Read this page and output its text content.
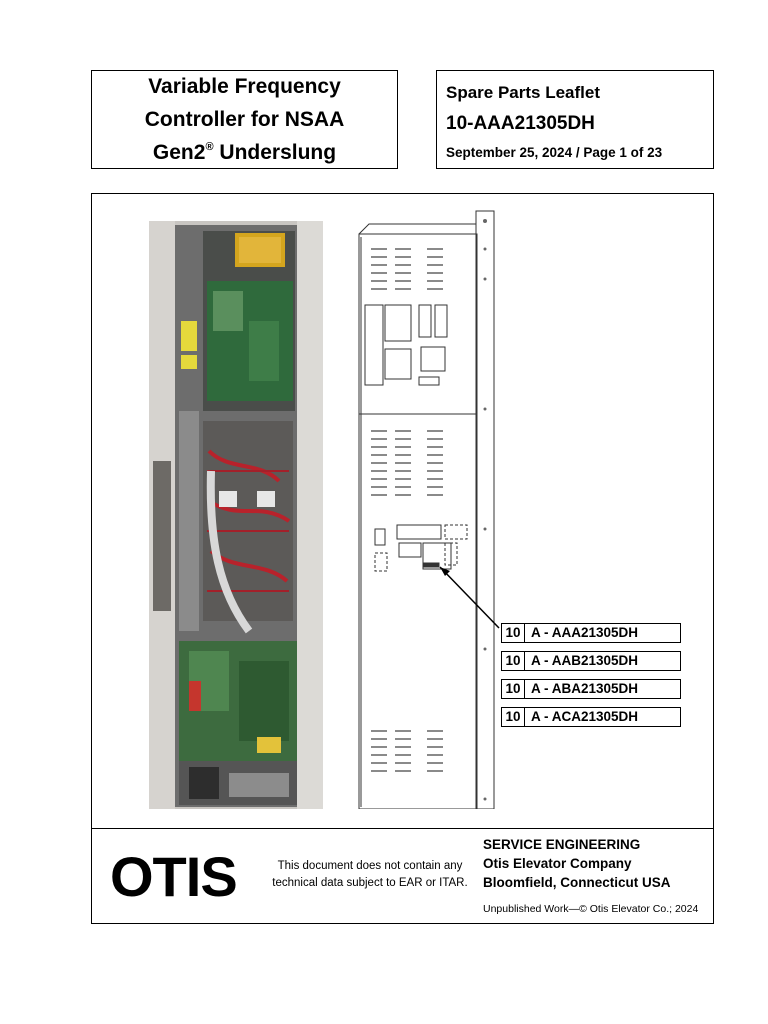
Variable Frequency
Controller for NSAA
Gen2® Underslung
Spare Parts Leaflet
10-AAA21305DH
September 25, 2024 / Page 1 of 23
10 A - AAA21305DH
10 A - AAB21305DH
10 A - ABA21305DH
10 A - ACA21305DH
OTIS	This document does not contain any technical data subject to EAR or ITAR.
SERVICE ENGINEERING
Otis Elevator Company
Bloomfield, Connecticut USA
Unpublished Work—© Otis Elevator Co.; 2024
